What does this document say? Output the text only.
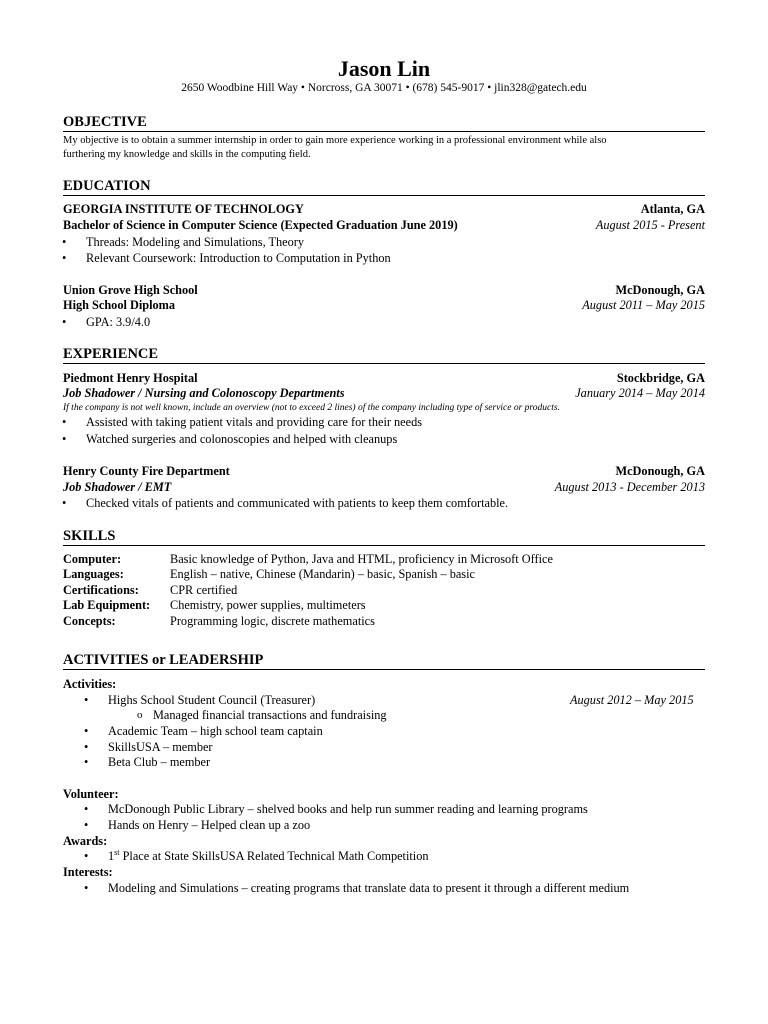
Jason Lin
2650 Woodbine Hill Way • Norcross, GA 30071 • (678) 545-9017 • jlin328@gatech.edu
OBJECTIVE
My objective is to obtain a summer internship in order to gain more experience working in a professional environment while also
furthering my knowledge and skills in the computing field.
EDUCATION
GEORGIA INSTITUTE OF TECHNOLOGY	Atlanta, GA
Bachelor of Science in Computer Science (Expected Graduation June 2019)	August 2015 - Present
• Threads: Modeling and Simulations, Theory
• Relevant Coursework: Introduction to Computation in Python
Union Grove High School	McDonough, GA
High School Diploma	August 2011 – May 2015
• GPA: 3.9/4.0
EXPERIENCE
Piedmont Henry Hospital	Stockbridge, GA
Job Shadower / Nursing and Colonoscopy Departments	January 2014 – May 2014
If the company is not well known, include an overview (not to exceed 2 lines) of the company including type of service or products.
• Assisted with taking patient vitals and providing care for their needs
• Watched surgeries and colonoscopies and helped with cleanups
Henry County Fire Department	McDonough, GA
Job Shadower / EMT	August 2013 - December 2013
• Checked vitals of patients and communicated with patients to keep them comfortable.
SKILLS
Computer:	Basic knowledge of Python, Java and HTML, proficiency in Microsoft Office
Languages:	English – native, Chinese (Mandarin) – basic, Spanish – basic
Certifications:	CPR certified
Lab Equipment: Chemistry, power supplies, multimeters
Concepts:	Programming logic, discrete mathematics
ACTIVITIES or LEADERSHIP
Activities:
• Highs School Student Council (Treasurer)	August 2012 – May 2015
o Managed financial transactions and fundraising
• Academic Team – high school team captain
• SkillsUSA – member
• Beta Club – member
Volunteer:
• McDonough Public Library – shelved books and help run summer reading and learning programs
• Hands on Henry – Helped clean up a zoo
Awards:
• 1st Place at State SkillsUSA Related Technical Math Competition
Interests:
• Modeling and Simulations – creating programs that translate data to present it through a different medium
